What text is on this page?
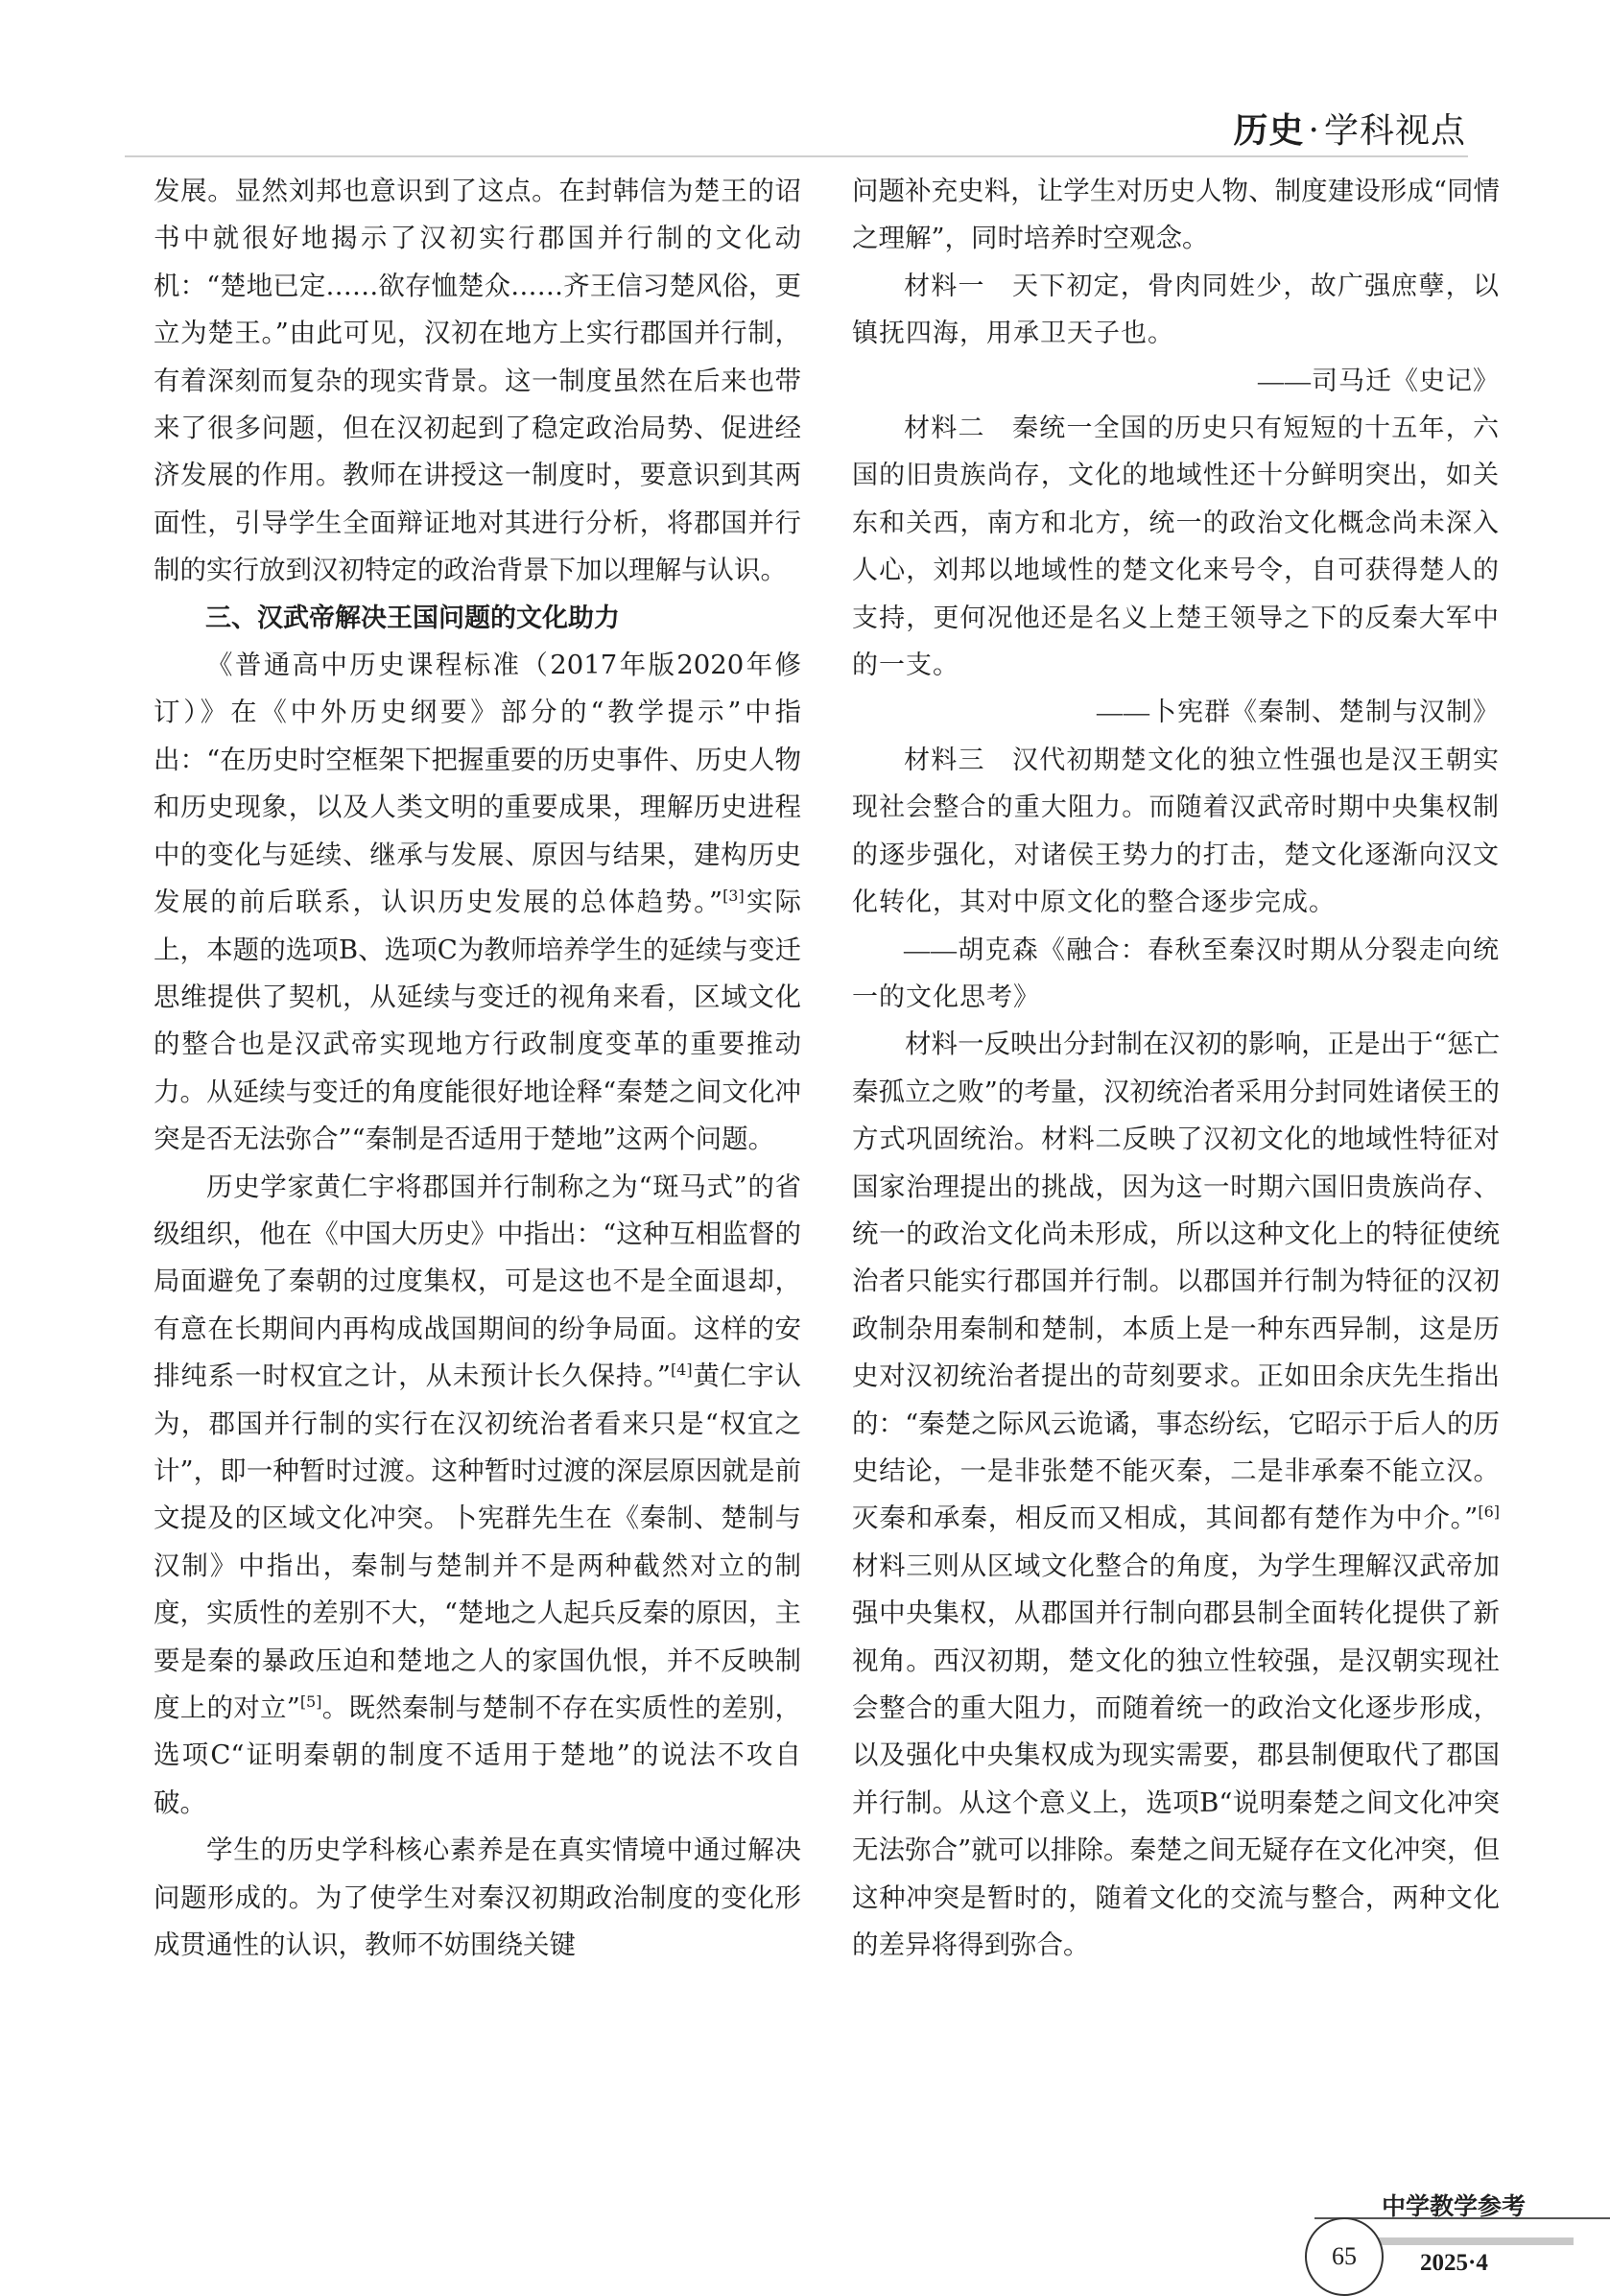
历史 · 学科视点

发展。显然刘邦也意识到了这点。在封韩信为楚王的诏书中就很好地揭示了汉初实行郡国并行制的文化动机：“楚地已定……欲存恤楚众……齐王信习楚风俗，更立为楚王。”由此可见，汉初在地方上实行郡国并行制，有着深刻而复杂的现实背景。这一制度虽然在后来也带来了很多问题，但在汉初起到了稳定政治局势、促进经济发展的作用。教师在讲授这一制度时，要意识到其两面性，引导学生全面辩证地对其进行分析，将郡国并行制的实行放到汉初特定的政治背景下加以理解与认识。

三、汉武帝解决王国问题的文化助力

《普通高中历史课程标准（2017年版2020年修订）》在《中外历史纲要》部分的“教学提示”中指出：“在历史时空框架下把握重要的历史事件、历史人物和历史现象，以及人类文明的重要成果，理解历史进程中的变化与延续、继承与发展、原因与结果，建构历史发展的前后联系，认识历史发展的总体趋势。”[3]实际上，本题的选项B、选项C为教师培养学生的延续与变迁思维提供了契机，从延续与变迁的视角来看，区域文化的整合也是汉武帝实现地方行政制度变革的重要推动力。从延续与变迁的角度能很好地诠释“秦楚之间文化冲突是否无法弥合”“秦制是否适用于楚地”这两个问题。

历史学家黄仁宇将郡国并行制称之为“斑马式”的省级组织，他在《中国大历史》中指出：“这种互相监督的局面避免了秦朝的过度集权，可是这也不是全面退却，有意在长期间内再构成战国期间的纷争局面。这样的安排纯系一时权宜之计，从未预计长久保持。”[4]黄仁宇认为，郡国并行制的实行在汉初统治者看来只是“权宜之计”，即一种暂时过渡。这种暂时过渡的深层原因就是前文提及的区域文化冲突。卜宪群先生在《秦制、楚制与汉制》中指出，秦制与楚制并不是两种截然对立的制度，实质性的差别不大，“楚地之人起兵反秦的原因，主要是秦的暴政压迫和楚地之人的家国仇恨，并不反映制度上的对立”[5]。既然秦制与楚制不存在实质性的差别，选项C“证明秦朝的制度不适用于楚地”的说法不攻自破。

学生的历史学科核心素养是在真实情境中通过解决问题形成的。为了使学生对秦汉初期政治制度的变化形成贯通性的认识，教师不妨围绕关键

问题补充史料，让学生对历史人物、制度建设形成“同情之理解”，同时培养时空观念。

材料一　 天下初定，骨肉同姓少，故广强庶孽，以镇抚四海，用承卫天子也。

——司马迁《史记》

材料二　 秦统一全国的历史只有短短的十五年，六国的旧贵族尚存，文化的地域性还十分鲜明突出，如关东和关西，南方和北方，统一的政治文化概念尚未深入人心，刘邦以地域性的楚文化来号令，自可获得楚人的支持，更何况他还是名义上楚王领导之下的反秦大军中的一支。

——卜宪群《秦制、楚制与汉制》

材料三　 汉代初期楚文化的独立性强也是汉王朝实现社会整合的重大阻力。而随着汉武帝时期中央集权制的逐步强化，对诸侯王势力的打击，楚文化逐渐向汉文化转化，其对中原文化的整合逐步完成。

——胡克森《融合：春秋至秦汉时期从分裂走向统一的文化思考》

材料一反映出分封制在汉初的影响，正是出于“惩亡秦孤立之败”的考量，汉初统治者采用分封同姓诸侯王的方式巩固统治。材料二反映了汉初文化的地域性特征对国家治理提出的挑战，因为这一时期六国旧贵族尚存、统一的政治文化尚未形成，所以这种文化上的特征使统治者只能实行郡国并行制。以郡国并行制为特征的汉初政制杂用秦制和楚制，本质上是一种东西异制，这是历史对汉初统治者提出的苛刻要求。正如田余庆先生指出的：“秦楚之际风云诡谲，事态纷纭，它昭示于后人的历史结论，一是非张楚不能灭秦，二是非承秦不能立汉。灭秦和承秦，相反而又相成，其间都有楚作为中介。”[6]材料三则从区域文化整合的角度，为学生理解汉武帝加强中央集权，从郡国并行制向郡县制全面转化提供了新视角。西汉初期，楚文化的独立性较强，是汉朝实现社会整合的重大阻力，而随着统一的政治文化逐步形成，以及强化中央集权成为现实需要，郡县制便取代了郡国并行制。从这个意义上，选项B“说明秦楚之间文化冲突无法弥合”就可以排除。秦楚之间无疑存在文化冲突，但这种冲突是暂时的，随着文化的交流与整合，两种文化的差异将得到弥合。

65
中学教学参考
2025·4
